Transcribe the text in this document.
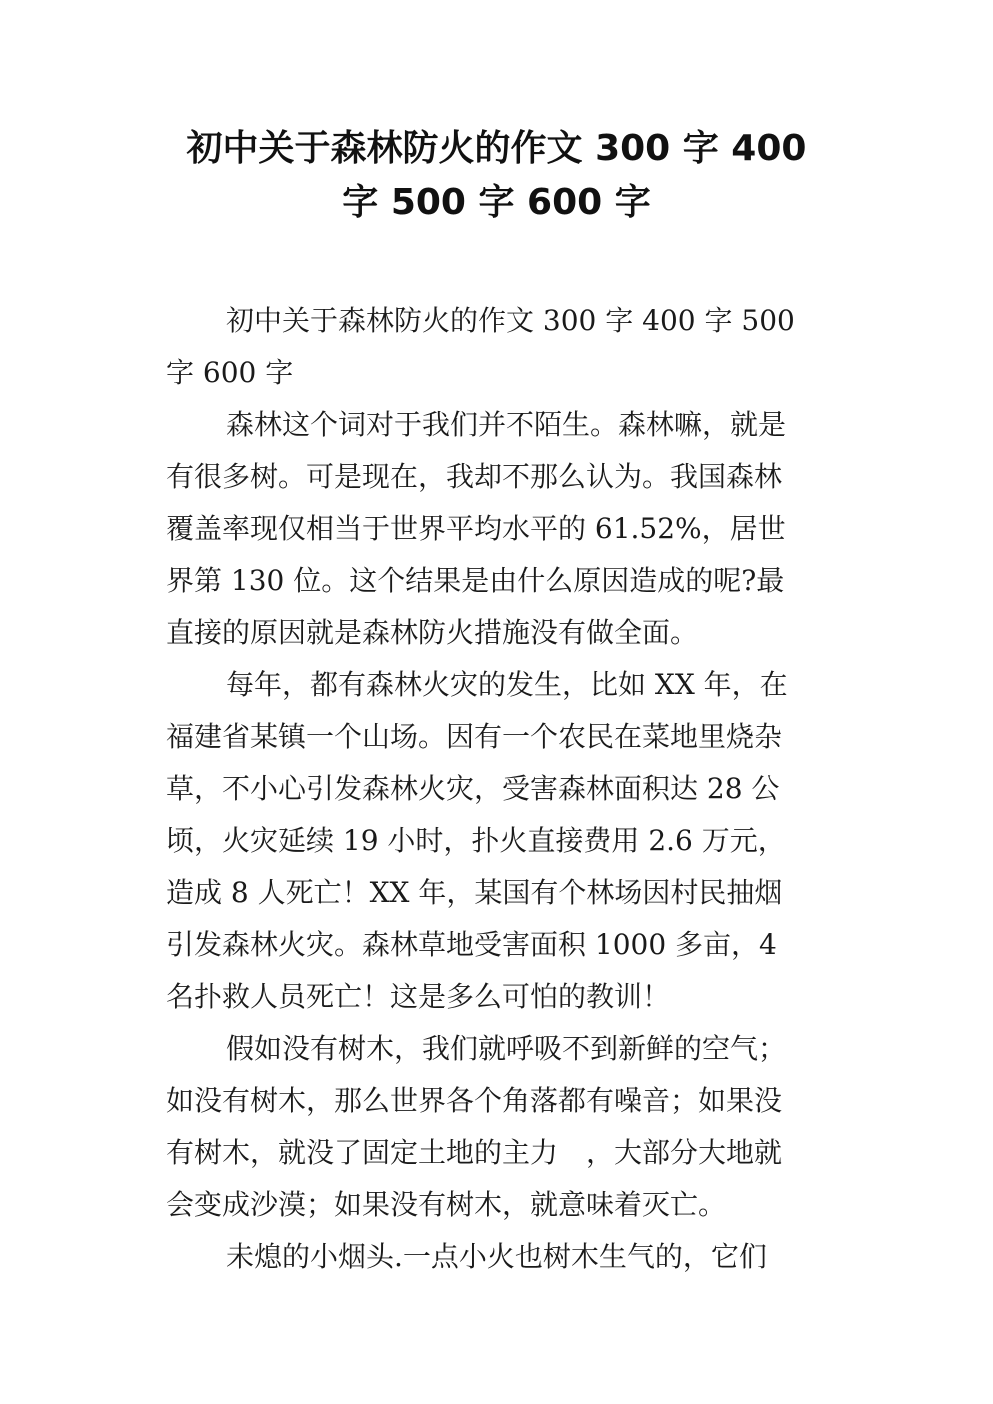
初中关于森林防火的作文 300 字 400
字 500 字 600 字

初中关于森林防火的作文 300 字 400 字 500
字 600 字

森林这个词对于我们并不陌生。森林嘛，就是
有很多树。可是现在，我却不那么认为。我国森林
覆盖率现仅相当于世界平均水平的 61.52%，居世
界第 130 位。这个结果是由什么原因造成的呢?最
直接的原因就是森林防火措施没有做全面。

每年，都有森林火灾的发生，比如 XX 年，在
福建省某镇一个山场。因有一个农民在菜地里烧杂
草，不小心引发森林火灾，受害森林面积达 28 公
顷，火灾延续 19 小时，扑火直接费用 2.6 万元，
造成 8 人死亡！XX 年，某国有个林场因村民抽烟
引发森林火灾。森林草地受害面积 1000 多亩，4
名扑救人员死亡！这是多么可怕的教训！

假如没有树木，我们就呼吸不到新鲜的空气；
如没有树木，那么世界各个角落都有噪音；如果没
有树木，就没了固定土地的主力　，大部分大地就
会变成沙漠；如果没有树木，就意味着灭亡。

未熄的小烟头.一点小火也树木生气的，它们
